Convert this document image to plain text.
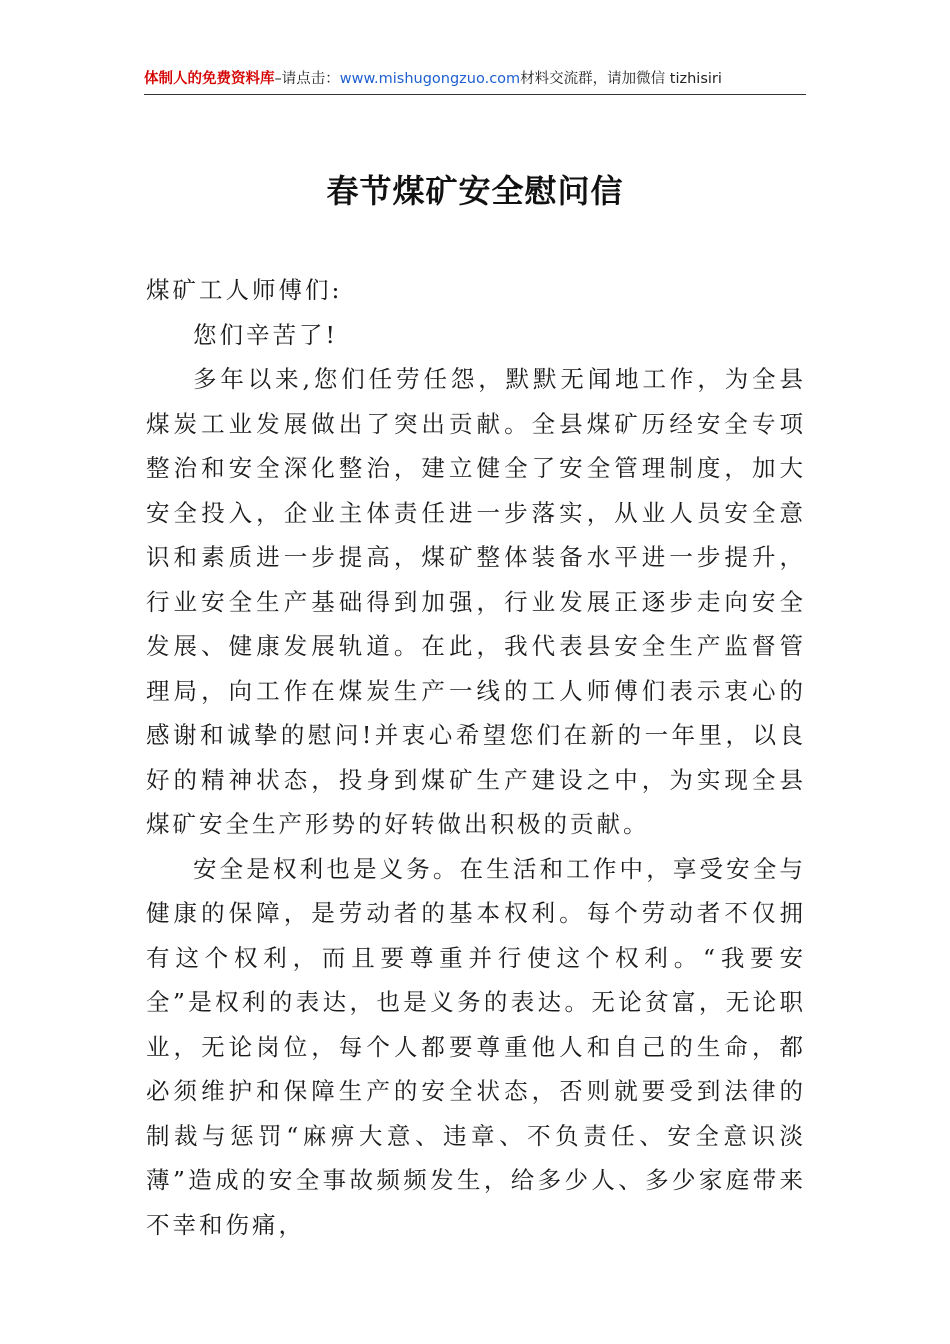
体制人的免费资料库–请点击：www.mishugongzuo.com材料交流群，请加微信 tizhisiri
春节煤矿安全慰问信

煤矿工人师傅们:

您们辛苦了!

多年以来,您们任劳任怨，默默无闻地工作，为全县煤炭工业发展做出了突出贡献。全县煤矿历经安全专项整治和安全深化整治，建立健全了安全管理制度，加大安全投入，企业主体责任进一步落实，从业人员安全意识和素质进一步提高，煤矿整体装备水平进一步提升，行业安全生产基础得到加强，行业发展正逐步走向安全发展、健康发展轨道。在此，我代表县安全生产监督管理局，向工作在煤炭生产一线的工人师傅们表示衷心的感谢和诚挚的慰问!并衷心希望您们在新的一年里，以良好的精神状态，投身到煤矿生产建设之中，为实现全县煤矿安全生产形势的好转做出积极的贡献。

安全是权利也是义务。在生活和工作中，享受安全与健康的保障，是劳动者的基本权利。每个劳动者不仅拥有这个权利，而且要尊重并行使这个权利。“我要安全”是权利的表达，也是义务的表达。无论贫富，无论职业，无论岗位，每个人都要尊重他人和自己的生命，都必须维护和保障生产的安全状态，否则就要受到法律的制裁与惩罚“麻痹大意、违章、不负责任、安全意识淡薄”造成的安全事故频频发生，给多少人、多少家庭带来不幸和伤痛，
